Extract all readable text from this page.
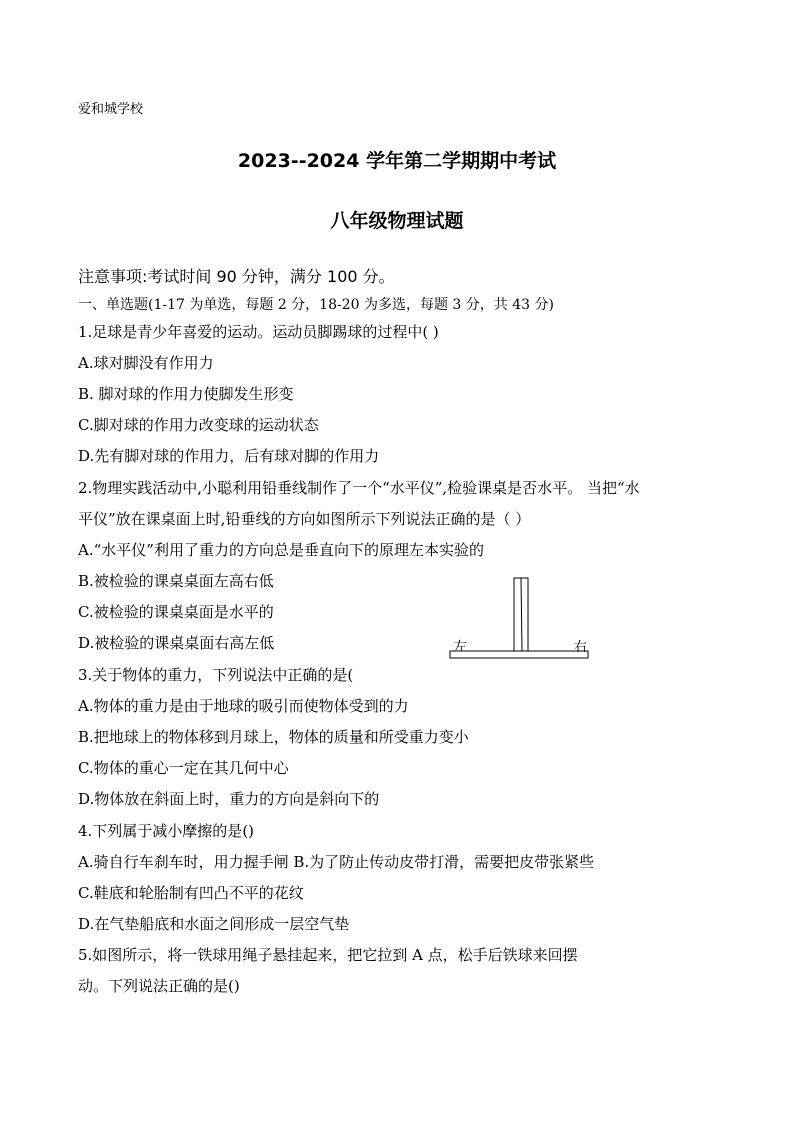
爱和城学校
2023--2024 学年第二学期期中考试
八年级物理试题
注意事项:考试时间 90 分钟，满分 100 分。
一、单选题(1-17 为单选，每题 2 分，18-20 为多选，每题 3 分，共 43 分)
1.足球是青少年喜爱的运动。运动员脚踢球的过程中( )
A.球对脚没有作用力
B. 脚对球的作用力使脚发生形变
C.脚对球的作用力改变球的运动状态
D.先有脚对球的作用力，后有球对脚的作用力
2.物理实践活动中,小聪利用铅垂线制作了一个“水平仪”,检验课桌是否水平。 当把“水
平仪”放在课桌面上时,铅垂线的方向如图所示下列说法正确的是（ ）
A.“水平仪”利用了重力的方向总是垂直向下的原理左本实验的
B.被检验的课桌桌面左高右低
C.被检验的课桌桌面是水平的
D.被检验的课桌桌面右高左低	左	右
3.关于物体的重力，下列说法中正确的是(
A.物体的重力是由于地球的吸引而使物体受到的力
B.把地球上的物体移到月球上，物体的质量和所受重力变小
C.物体的重心一定在其几何中心
D.物体放在斜面上时，重力的方向是斜向下的
4.下列属于减小摩擦的是()
A.骑自行车刹车时，用力握手闸 B.为了防止传动皮带打滑，需要把皮带张紧些
C.鞋底和轮胎制有凹凸不平的花纹
D.在气垫船底和水面之间形成一层空气垫
5.如图所示，将一铁球用绳子悬挂起来，把它拉到 A 点，松手后铁球来回摆
动。下列说法正确的是()
